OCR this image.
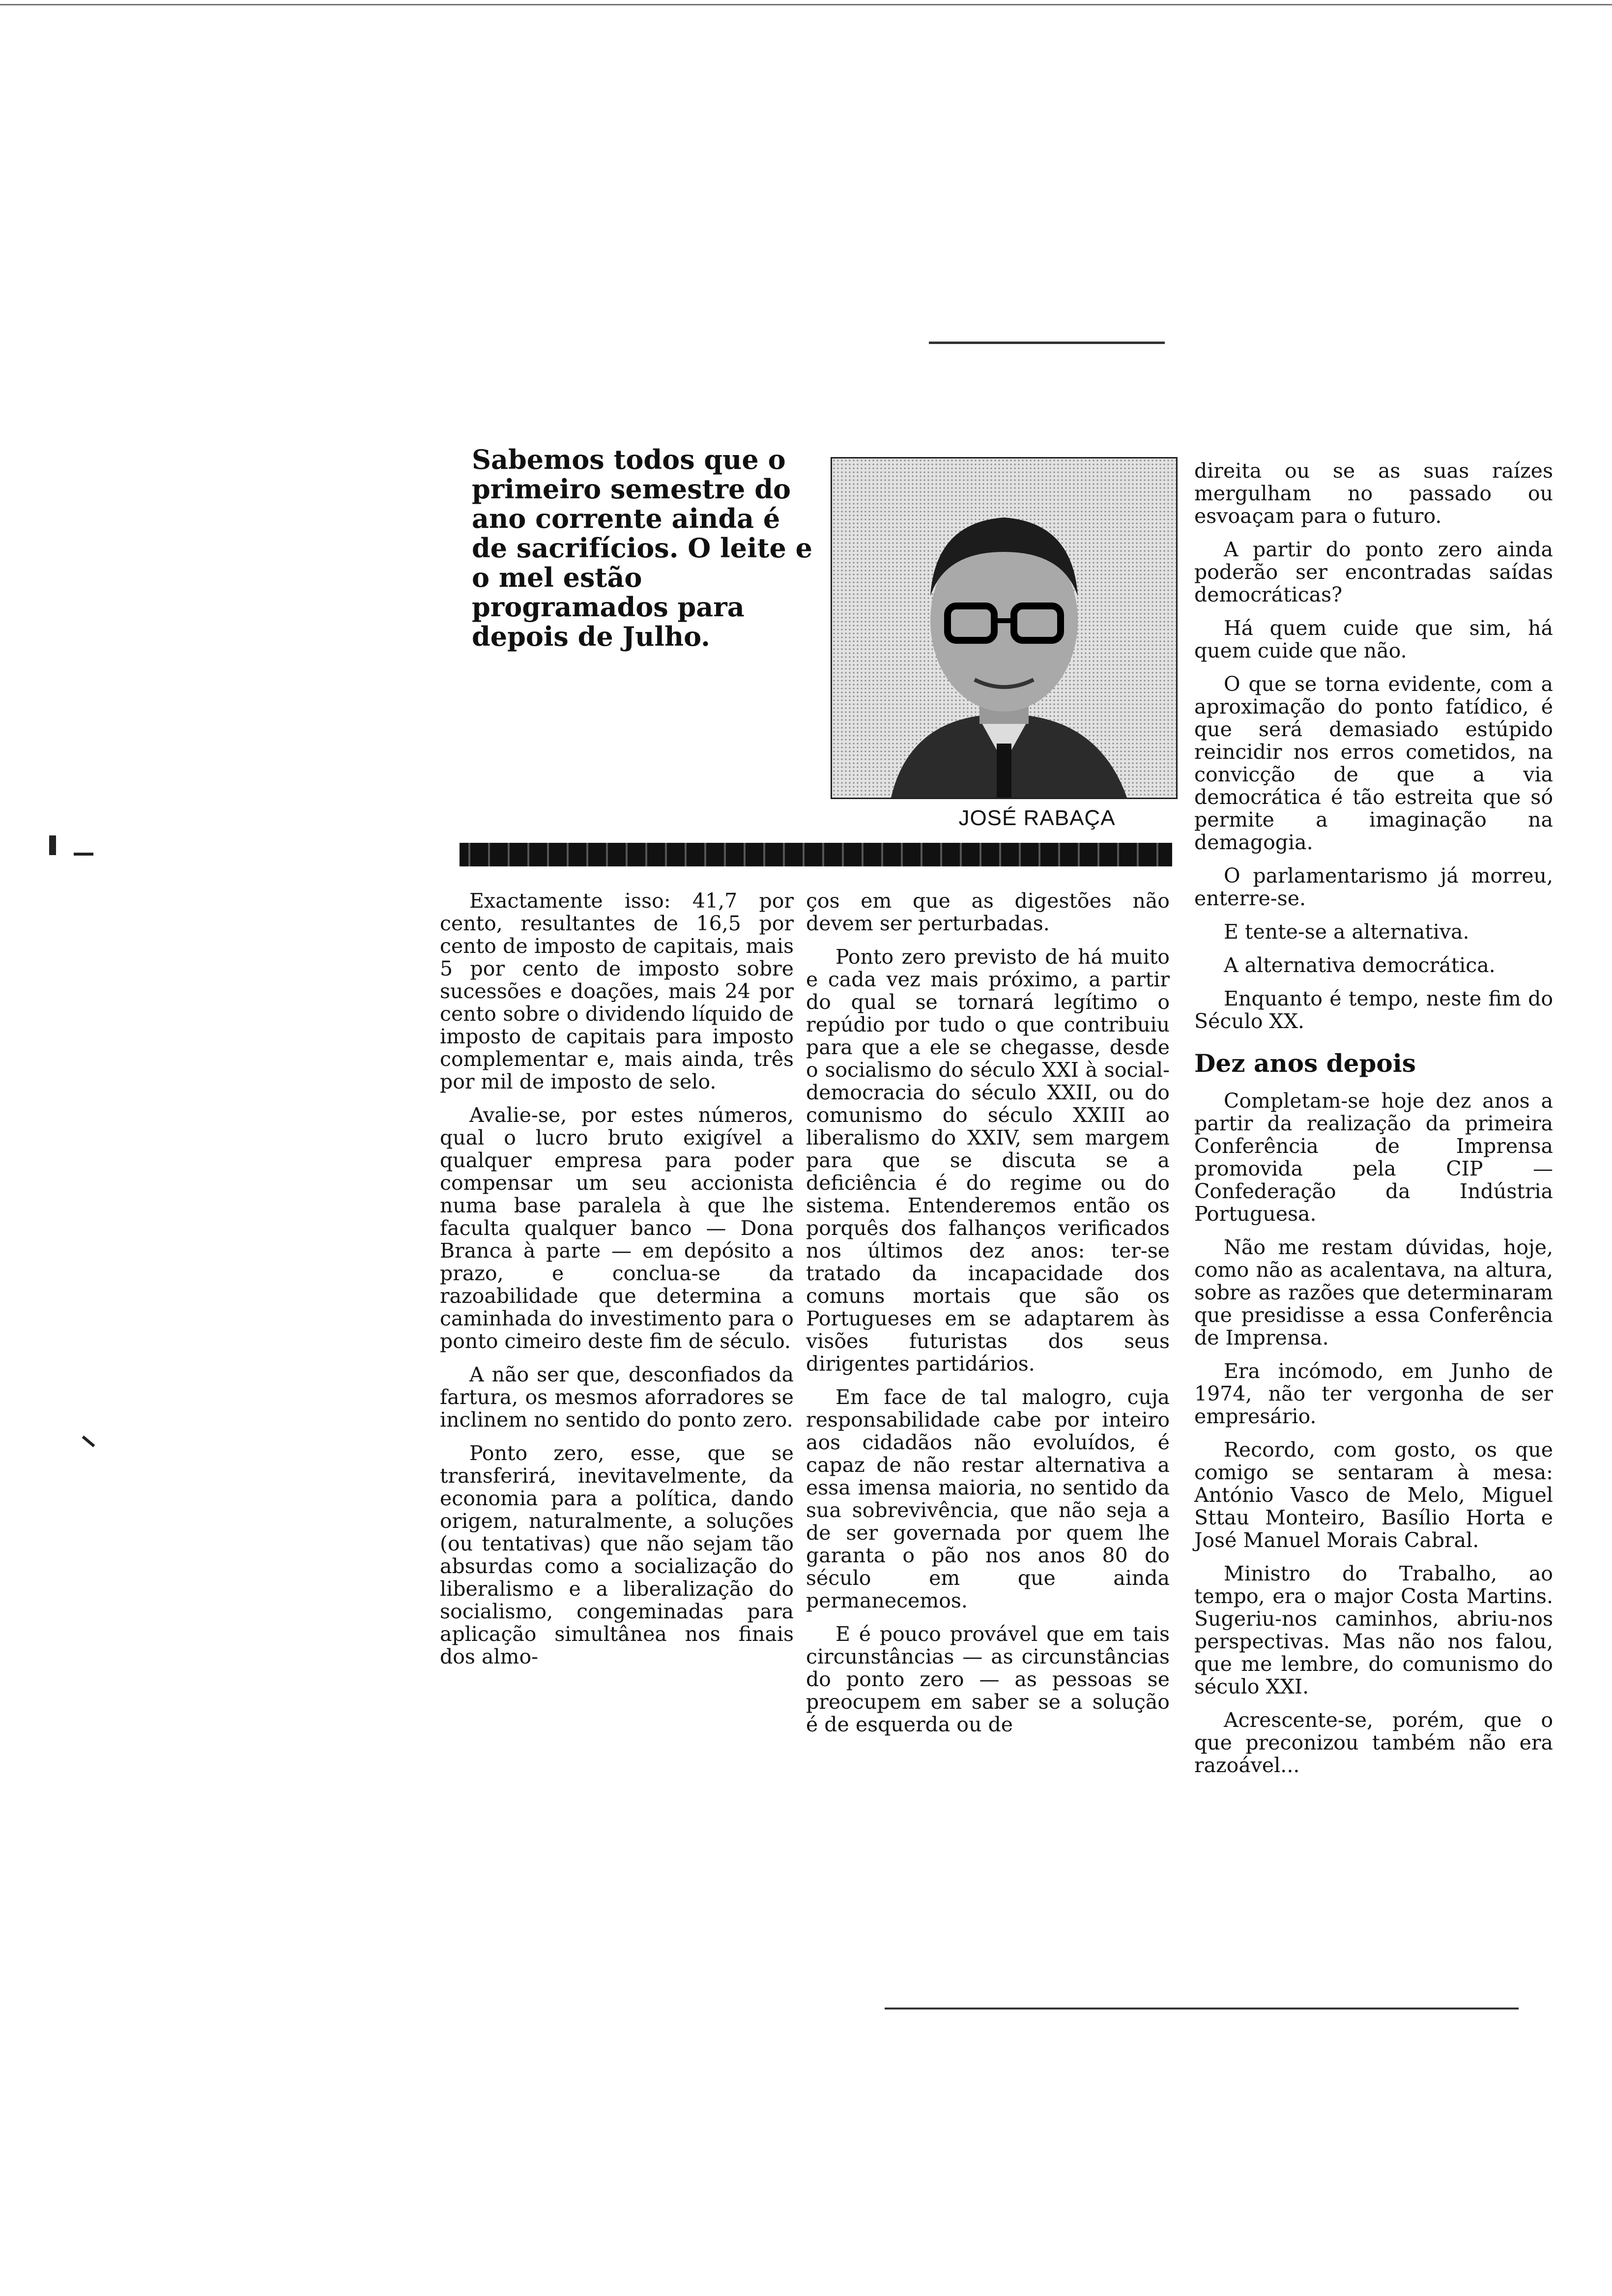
Sabemos todos que o primeiro semestre do ano corrente ainda é de sacrifícios. O leite e o mel estão programados para depois de Julho.
JOSÉ RABAÇA

Exactamente isso: 41,7 por cento, resultantes de 16,5 por cento de imposto de capitais, mais 5 por cento de imposto sobre sucessões e doações, mais 24 por cento sobre o dividendo líquido de imposto de capitais para imposto complementar e, mais ainda, três por mil de imposto de selo.

Avalie-se, por estes números, qual o lucro bruto exigível a qualquer empresa para poder compensar um seu accionista numa base paralela à que lhe faculta qualquer banco — Dona Branca à parte — em depósito a prazo, e conclua-se da razoabilidade que determina a caminhada do investimento para o ponto cimeiro deste fim de século.

A não ser que, desconfiados da fartura, os mesmos aforradores se inclinem no sentido do ponto zero.

Ponto zero, esse, que se transferirá, inevitavelmente, da economia para a política, dando origem, naturalmente, a soluções (ou tentativas) que não sejam tão absurdas como a socialização do liberalismo e a liberalização do socialismo, congeminadas para aplicação simultânea nos finais dos almo-

ços em que as digestões não devem ser perturbadas.

Ponto zero previsto de há muito e cada vez mais próximo, a partir do qual se tornará legítimo o repúdio por tudo o que contribuiu para que a ele se chegasse, desde o socialismo do século XXI à social-democracia do século XXII, ou do comunismo do século XXIII ao liberalismo do XXIV, sem margem para que se discuta se a deficiência é do regime ou do sistema. Entenderemos então os porquês dos falhanços verificados nos últimos dez anos: ter-se tratado da incapacidade dos comuns mortais que são os Portugueses em se adaptarem às visões futuristas dos seus dirigentes partidários.

Em face de tal malogro, cuja responsabilidade cabe por inteiro aos cidadãos não evoluídos, é capaz de não restar alternativa a essa imensa maioria, no sentido da sua sobrevivência, que não seja a de ser governada por quem lhe garanta o pão nos anos 80 do século em que ainda permanecemos.

E é pouco provável que em tais circunstâncias — as circunstâncias do ponto zero — as pessoas se preocupem em saber se a solução é de esquerda ou de

direita ou se as suas raízes mergulham no passado ou esvoaçam para o futuro.

A partir do ponto zero ainda poderão ser encontradas saídas democráticas?

Há quem cuide que sim, há quem cuide que não.

O que se torna evidente, com a aproximação do ponto fatídico, é que será demasiado estúpido reincidir nos erros cometidos, na convicção de que a via democrática é tão estreita que só permite a imaginação na demagogia.

O parlamentarismo já morreu, enterre-se.

E tente-se a alternativa.

A alternativa democrática.

Enquanto é tempo, neste fim do Século XX.

Dez anos depois

Completam-se hoje dez anos a partir da realização da primeira Conferência de Imprensa promovida pela CIP — Confederação da Indústria Portuguesa.

Não me restam dúvidas, hoje, como não as acalentava, na altura, sobre as razões que determinaram que presidisse a essa Conferência de Imprensa.

Era incómodo, em Junho de 1974, não ter vergonha de ser empresário.

Recordo, com gosto, os que comigo se sentaram à mesa: António Vasco de Melo, Miguel Sttau Monteiro, Basílio Horta e José Manuel Morais Cabral.

Ministro do Trabalho, ao tempo, era o major Costa Martins. Sugeriu-nos caminhos, abriu-nos perspectivas. Mas não nos falou, que me lembre, do comunismo do século XXI.

Acrescente-se, porém, que o que preconizou também não era razoável...
